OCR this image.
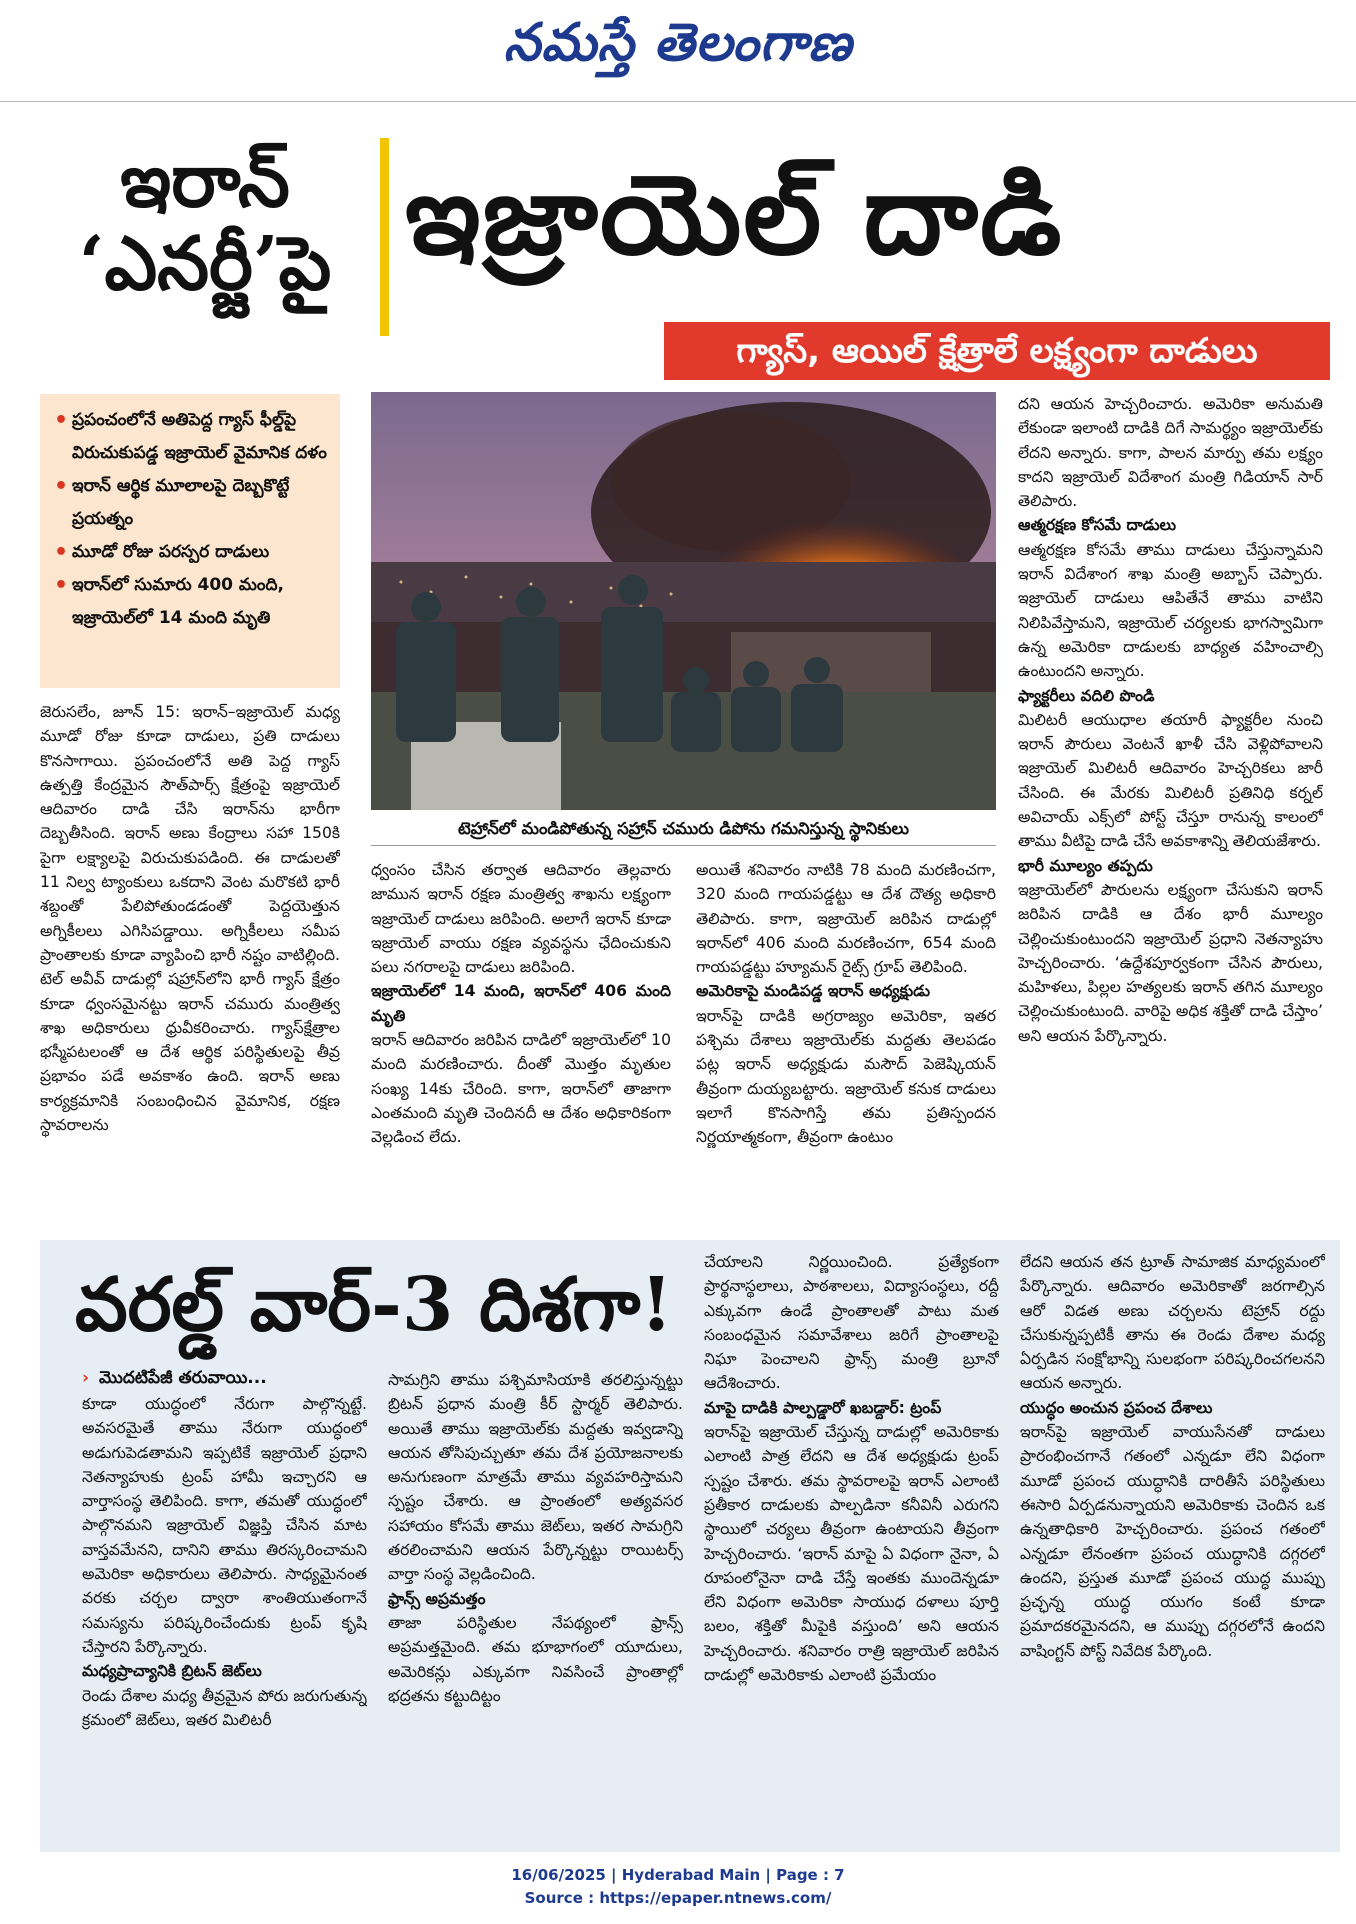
నమస్తే తెలంగాణ
ఇరాన్
‘ఎనర్జీ’పై ఇజ్రాయెల్ దాడి
గ్యాస్, ఆయిల్ క్షేత్రాలే లక్ష్యంగా దాడులు
• ప్రపంచంలోనే అతిపెద్ద గ్యాస్ ఫీల్డ్‌పై విరుచుకుపడ్డ ఇజ్రాయెల్ వైమానిక దళం
• ఇరాన్ ఆర్థిక మూలాలపై దెబ్బకొట్టే ప్రయత్నం
• మూడో రోజు పరస్పర దాడులు
• ఇరాన్‌లో సుమారు 400 మంది, ఇజ్రాయెల్‌లో 14 మంది మృతి
టెహ్రాన్‌లో మండిపోతున్న సహ్రాన్ చమురు డిపోను గమనిస్తున్న స్థానికులు

జెరుసలేం, జూన్ 15: ఇరాన్–ఇజ్రాయెల్ మధ్య మూడో రోజు కూడా దాడులు, ప్రతి దాడులు కొనసాగాయి. ప్రపంచంలోనే అతి పెద్ద గ్యాస్ ఉత్పత్తి కేంద్రమైన సౌత్‌పార్స్ క్షేత్రంపై ఇజ్రాయెల్ ఆదివారం దాడి చేసి ఇరాన్‌ను భారీగా దెబ్బతీసింది. ఇరాన్ అణు కేంద్రాలు సహా 150కి పైగా లక్ష్యాలపై విరుచుకుపడింది. ఈ దాడులతో 11 నిల్వ ట్యాంకులు ఒకదాని వెంట మరొకటి భారీ శబ్దంతో పేలిపోతుండడంతో పెద్దయెత్తున అగ్నికీలలు ఎగిసిపడ్డాయి. అగ్నికీలలు సమీప ప్రాంతాలకు కూడా వ్యాపించి భారీ నష్టం వాటిల్లింది. టెల్ అవీవ్ దాడుల్లో షహ్రాన్‌లోని భారీ గ్యాస్ క్షేత్రం కూడా ధ్వంసమైనట్టు ఇరాన్ చమురు మంత్రిత్వ శాఖ అధికారులు ధ్రువీకరించారు. గ్యాస్‌క్షేత్రాల భస్మీపటలంతో ఆ దేశ ఆర్థిక పరిస్థితులపై తీవ్ర ప్రభావం పడే అవకాశం ఉంది. ఇరాన్ అణు కార్యక్రమానికి సంబంధించిన వైమానిక, రక్షణ స్థావరాలను

ధ్వంసం చేసిన తర్వాత ఆదివారం తెల్లవారు జామున ఇరాన్ రక్షణ మంత్రిత్వ శాఖను లక్ష్యంగా ఇజ్రాయెల్ దాడులు జరిపింది. అలాగే ఇరాన్ కూడా ఇజ్రాయెల్ వాయు రక్షణ వ్యవస్థను ఛేదించుకుని పలు నగరాలపై దాడులు జరిపింది.

ఇజ్రాయెల్‌లో 14 మంది, ఇరాన్‌లో 406 మంది మృతి

ఇరాన్ ఆదివారం జరిపిన దాడిలో ఇజ్రాయెల్‌లో 10 మంది మరణించారు. దీంతో మొత్తం మృతుల సంఖ్య 14కు చేరింది. కాగా, ఇరాన్‌లో తాజాగా ఎంతమంది మృతి చెందినదీ ఆ దేశం అధికారికంగా వెల్లడించ లేదు.

అయితే శనివారం నాటికి 78 మంది మరణించగా, 320 మంది గాయపడ్డట్టు ఆ దేశ దౌత్య అధికారి తెలిపారు. కాగా, ఇజ్రాయెల్ జరిపిన దాడుల్లో ఇరాన్‌లో 406 మంది మరణించగా, 654 మంది గాయపడ్డట్టు హ్యూమన్ రైట్స్ గ్రూప్ తెలిపింది.

అమెరికాపై మండిపడ్డ ఇరాన్ అధ్యక్షుడు

ఇరాన్‌పై దాడికి అగ్రరాజ్యం అమెరికా, ఇతర పశ్చిమ దేశాలు ఇజ్రాయెల్‌కు మద్దతు తెలపడం పట్ల ఇరాన్ అధ్యక్షుడు మసౌద్ పెజెష్కియన్ తీవ్రంగా దుయ్యబట్టారు. ఇజ్రాయెల్ కనుక దాడులు ఇలాగే కొనసాగిస్తే తమ ప్రతిస్పందన నిర్ణయాత్మకంగా, తీవ్రంగా ఉంటుం

దని ఆయన హెచ్చరించారు. అమెరికా అనుమతి లేకుండా ఇలాంటి దాడికి దిగే సామర్థ్యం ఇజ్రాయెల్‌కు లేదని అన్నారు. కాగా, పాలన మార్పు తమ లక్ష్యం కాదని ఇజ్రాయెల్ విదేశాంగ మంత్రి గిడియాన్ సార్ తెలిపారు.

ఆత్మరక్షణ కోసమే దాడులు

ఆత్మరక్షణ కోసమే తాము దాడులు చేస్తున్నామని ఇరాన్ విదేశాంగ శాఖ మంత్రి అబ్బాస్ చెప్పారు. ఇజ్రాయెల్ దాడులు ఆపితేనే తాము వాటిని నిలిపివేస్తామని, ఇజ్రాయెల్ చర్యలకు భాగస్వామిగా ఉన్న అమెరికా దాడులకు బాధ్యత వహించాల్సి ఉంటుందని అన్నారు.

ఫ్యాక్టరీలు వదిలి పొండి

మిలిటరీ ఆయుధాల తయారీ ఫ్యాక్టరీల నుంచి ఇరాన్ పౌరులు వెంటనే ఖాళీ చేసి వెళ్లిపోవాలని ఇజ్రాయెల్ మిలిటరీ ఆదివారం హెచ్చరికలు జారీ చేసింది. ఈ మేరకు మిలిటరీ ప్రతినిధి కర్నల్ అవిచాయ్ ఎక్స్‌లో పోస్ట్ చేస్తూ రానున్న కాలంలో తాము వీటిపై దాడి చేసే అవకాశాన్ని తెలియజేశారు.

భారీ మూల్యం తప్పదు

ఇజ్రాయెల్‌లో పౌరులను లక్ష్యంగా చేసుకుని ఇరాన్ జరిపిన దాడికి ఆ దేశం భారీ మూల్యం చెల్లించుకుంటుందని ఇజ్రాయెల్ ప్రధాని నెతన్యాహు హెచ్చరించారు. ‘ఉద్దేశపూర్వకంగా చేసిన పౌరులు, మహిళలు, పిల్లల హత్యలకు ఇరాన్ తగిన మూల్యం చెల్లించుకుంటుంది. వారిపై అధిక శక్తితో దాడి చేస్తాం’ అని ఆయన పేర్కొన్నారు.

వరల్డ్ వార్-3 దిశగా!
› మొదటిపేజీ తరువాయి...

కూడా యుద్ధంలో నేరుగా పాల్గొన్నట్టే. అవసరమైతే తాము నేరుగా యుద్ధంలో అడుగుపెడతామని ఇప్పటికే ఇజ్రాయెల్ ప్రధాని నెతన్యాహుకు ట్రంప్ హామీ ఇచ్చారని ఆ వార్తాసంస్థ తెలిపింది. కాగా, తమతో యుద్ధంలో పాల్గొనమని ఇజ్రాయెల్ విజ్ఞప్తి చేసిన మాట వాస్తవమేనని, దానిని తాము తిరస్కరించామని అమెరికా అధికారులు తెలిపారు. సాధ్యమైనంత వరకు చర్చల ద్వారా శాంతియుతంగానే సమస్యను పరిష్కరించేందుకు ట్రంప్ కృషి చేస్తారని పేర్కొన్నారు.

మధ్యప్రాచ్యానికి బ్రిటన్ జెట్‌లు

రెండు దేశాల మధ్య తీవ్రమైన పోరు జరుగుతున్న క్రమంలో జెట్‌లు, ఇతర మిలిటరీ

సామగ్రిని తాము పశ్చిమాసియాకి తరలిస్తున్నట్టు బ్రిటన్ ప్రధాన మంత్రి కీర్ స్టార్మర్ తెలిపారు. అయితే తాము ఇజ్రాయెల్‌కు మద్దతు ఇవ్వడాన్ని ఆయన తోసిపుచ్చుతూ తమ దేశ ప్రయోజనాలకు అనుగుణంగా మాత్రమే తాము వ్యవహరిస్తామని స్పష్టం చేశారు. ఆ ప్రాంతంలో అత్యవసర సహాయం కోసమే తాము జెట్‌లు, ఇతర సామగ్రిని తరలించామని ఆయన పేర్కొన్నట్టు రాయిటర్స్ వార్తా సంస్థ వెల్లడించింది.

ఫ్రాన్స్ అప్రమత్తం

తాజా పరిస్థితుల నేపథ్యంలో ఫ్రాన్స్ అప్రమత్తమైంది. తమ భూభాగంలో యూదులు, అమెరికన్లు ఎక్కువగా నివసించే ప్రాంతాల్లో భద్రతను కట్టుదిట్టం

చేయాలని నిర్ణయించింది. ప్రత్యేకంగా ప్రార్థనాస్థలాలు, పాఠశాలలు, విద్యాసంస్థలు, రద్దీ ఎక్కువగా ఉండే ప్రాంతాలతో పాటు మత సంబంధమైన సమావేశాలు జరిగే ప్రాంతాలపై నిఘా పెంచాలని ఫ్రాన్స్ మంత్రి బ్రూనో ఆదేశించారు.

మాపై దాడికి పాల్పడ్డారో ఖబడ్దార్: ట్రంప్

ఇరాన్‌పై ఇజ్రాయెల్ చేస్తున్న దాడుల్లో అమెరికాకు ఎలాంటి పాత్ర లేదని ఆ దేశ అధ్యక్షుడు ట్రంప్ స్పష్టం చేశారు. తమ స్థావరాలపై ఇరాన్ ఎలాంటి ప్రతీకార దాడులకు పాల్పడినా కనీవినీ ఎరుగని స్థాయిలో చర్యలు తీవ్రంగా ఉంటాయని తీవ్రంగా హెచ్చరించారు. ‘ఇరాన్ మాపై ఏ విధంగా నైనా, ఏ రూపంలోనైనా దాడి చేస్తే ఇంతకు ముందెన్నడూ లేని విధంగా అమెరికా సాయుధ దళాలు పూర్తి బలం, శక్తితో మీపైకి వస్తుంది’ అని ఆయన హెచ్చరించారు. శనివారం రాత్రి ఇజ్రాయెల్ జరిపిన దాడుల్లో అమెరికాకు ఎలాంటి ప్రమేయం

లేదని ఆయన తన ట్రూత్ సామాజిక మాధ్యమంలో పేర్కొన్నారు. ఆదివారం అమెరికాతో జరగాల్సిన ఆరో విడత అణు చర్చలను టెహ్రాన్ రద్దు చేసుకున్నప్పటికీ తాను ఈ రెండు దేశాల మధ్య ఏర్పడిన సంక్షోభాన్ని సులభంగా పరిష్కరించగలనని ఆయన అన్నారు.

యుద్ధం అంచున ప్రపంచ దేశాలు

ఇరాన్‌పై ఇజ్రాయెల్ వాయుసేనతో దాడులు ప్రారంభించగానే గతంలో ఎన్నడూ లేని విధంగా మూడో ప్రపంచ యుద్ధానికి దారితీసే పరిస్థితులు ఈసారి ఏర్పడనున్నాయని అమెరికాకు చెందిన ఒక ఉన్నతాధికారి హెచ్చరించారు. ప్రపంచ గతంలో ఎన్నడూ లేనంతగా ప్రపంచ యుద్ధానికి దగ్గరలో ఉందని, ప్రస్తుత మూడో ప్రపంచ యుద్ధ ముప్పు ప్రచ్ఛన్న యుద్ధ యుగం కంటే కూడా ప్రమాదకరమైనదని, ఆ ముప్పు దగ్గరలోనే ఉందని వాషింగ్టన్ పోస్ట్ నివేదిక పేర్కొంది.

16/06/2025 | Hyderabad Main | Page : 7
Source : https://epaper.ntnews.com/
